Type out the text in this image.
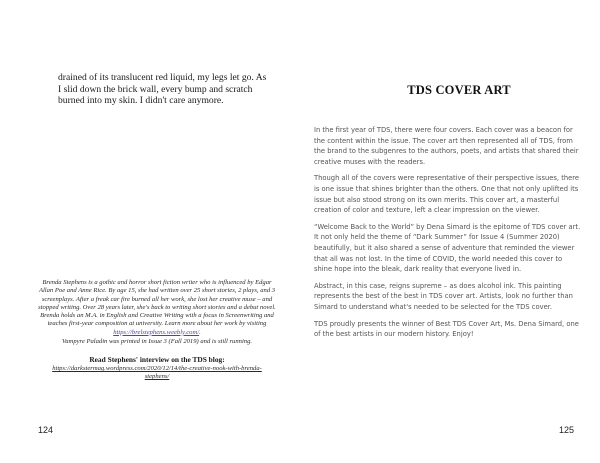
drained of its translucent red liquid, my legs let go. As I slid down the brick wall, every bump and scratch burned into my skin. I didn't care anymore.
Brenda Stephens is a gothic and horror short fiction writer who is influenced by Edgar Allan Poe and Anne Rice. By age 15, she had written over 25 short stories, 2 plays, and 3 screenplays. After a freak car fire burned all her work, she lost her creative muse – and stopped writing. Over 28 years later, she's back to writing short stories and a debut novel. Brenda holds an M.A. in English and Creative Writing with a focus in Screenwriting and teaches first-year composition at university. Learn more about her work by visiting https://brelstephens.weebly.com/.
Vampyre Paladin was printed in Issue 3 (Fall 2019) and is still running.
Read Stephens' interview on the TDS blog:
https://darkstermag.wordpress.com/2020/12/14/the-creative-nook-with-brenda-stephens/
124
TDS COVER ART

In the first year of TDS, there were four covers. Each cover was a beacon for the content within the issue. The cover art then represented all of TDS, from the brand to the subgenres to the authors, poets, and artists that shared their creative muses with the readers.

Though all of the covers were representative of their perspective issues, there is one issue that shines brighter than the others. One that not only uplifted its issue but also stood strong on its own merits. This cover art, a masterful creation of color and texture, left a clear impression on the viewer.

“Welcome Back to the World” by Dena Simard is the epitome of TDS cover art. It not only held the theme of “Dark Summer” for Issue 4 (Summer 2020) beautifully, but it also shared a sense of adventure that reminded the viewer that all was not lost. In the time of COVID, the world needed this cover to shine hope into the bleak, dark reality that everyone lived in.

Abstract, in this case, reigns supreme – as does alcohol ink. This painting represents the best of the best in TDS cover art. Artists, look no further than Simard to understand what's needed to be selected for the TDS cover.

TDS proudly presents the winner of Best TDS Cover Art, Ms. Dena Simard, one of the best artists in our modern history. Enjoy!

125
